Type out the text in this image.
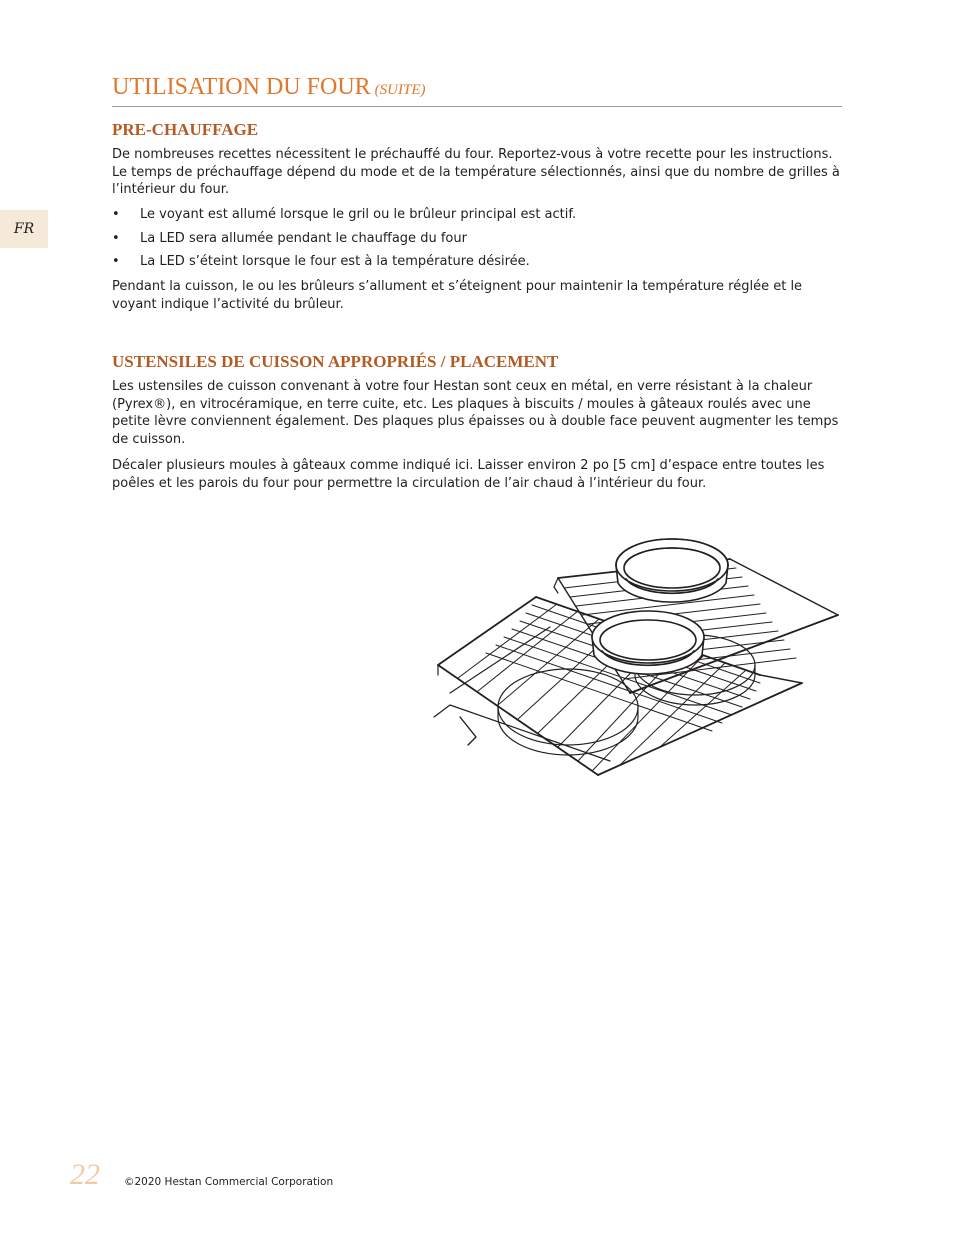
FR
UTILISATION DU FOUR (SUITE)
PRE-CHAUFFAGE

De nombreuses recettes nécessitent le préchauffé du four. Reportez-vous à votre recette pour les instructions. Le temps de préchauffage dépend du mode et de la température sélectionnés, ainsi que du nombre de grilles à l’intérieur du four.

• Le voyant est allumé lorsque le gril ou le brûleur principal est actif.
• La LED sera allumée pendant le chauffage du four
• La LED s’éteint lorsque le four est à la température désirée.

Pendant la cuisson, le ou les brûleurs s’allument et s’éteignent pour maintenir la température réglée et le voyant indique l’activité du brûleur.

USTENSILES DE CUISSON APPROPRIÉS / PLACEMENT

Les ustensiles de cuisson convenant à votre four Hestan sont ceux en métal, en verre résistant à la chaleur (Pyrex®), en vitrocéramique, en terre cuite, etc. Les plaques à biscuits / moules à gâteaux roulés avec une petite lèvre conviennent également. Des plaques plus épaisses ou à double face peuvent augmenter les temps de cuisson.

Décaler plusieurs moules à gâteaux comme indiqué ici. Laisser environ 2 po [5 cm] d’espace entre toutes les poêles et les parois du four pour permettre la circulation de l’air chaud à l’intérieur du four.

22 ©2020 Hestan Commercial Corporation
